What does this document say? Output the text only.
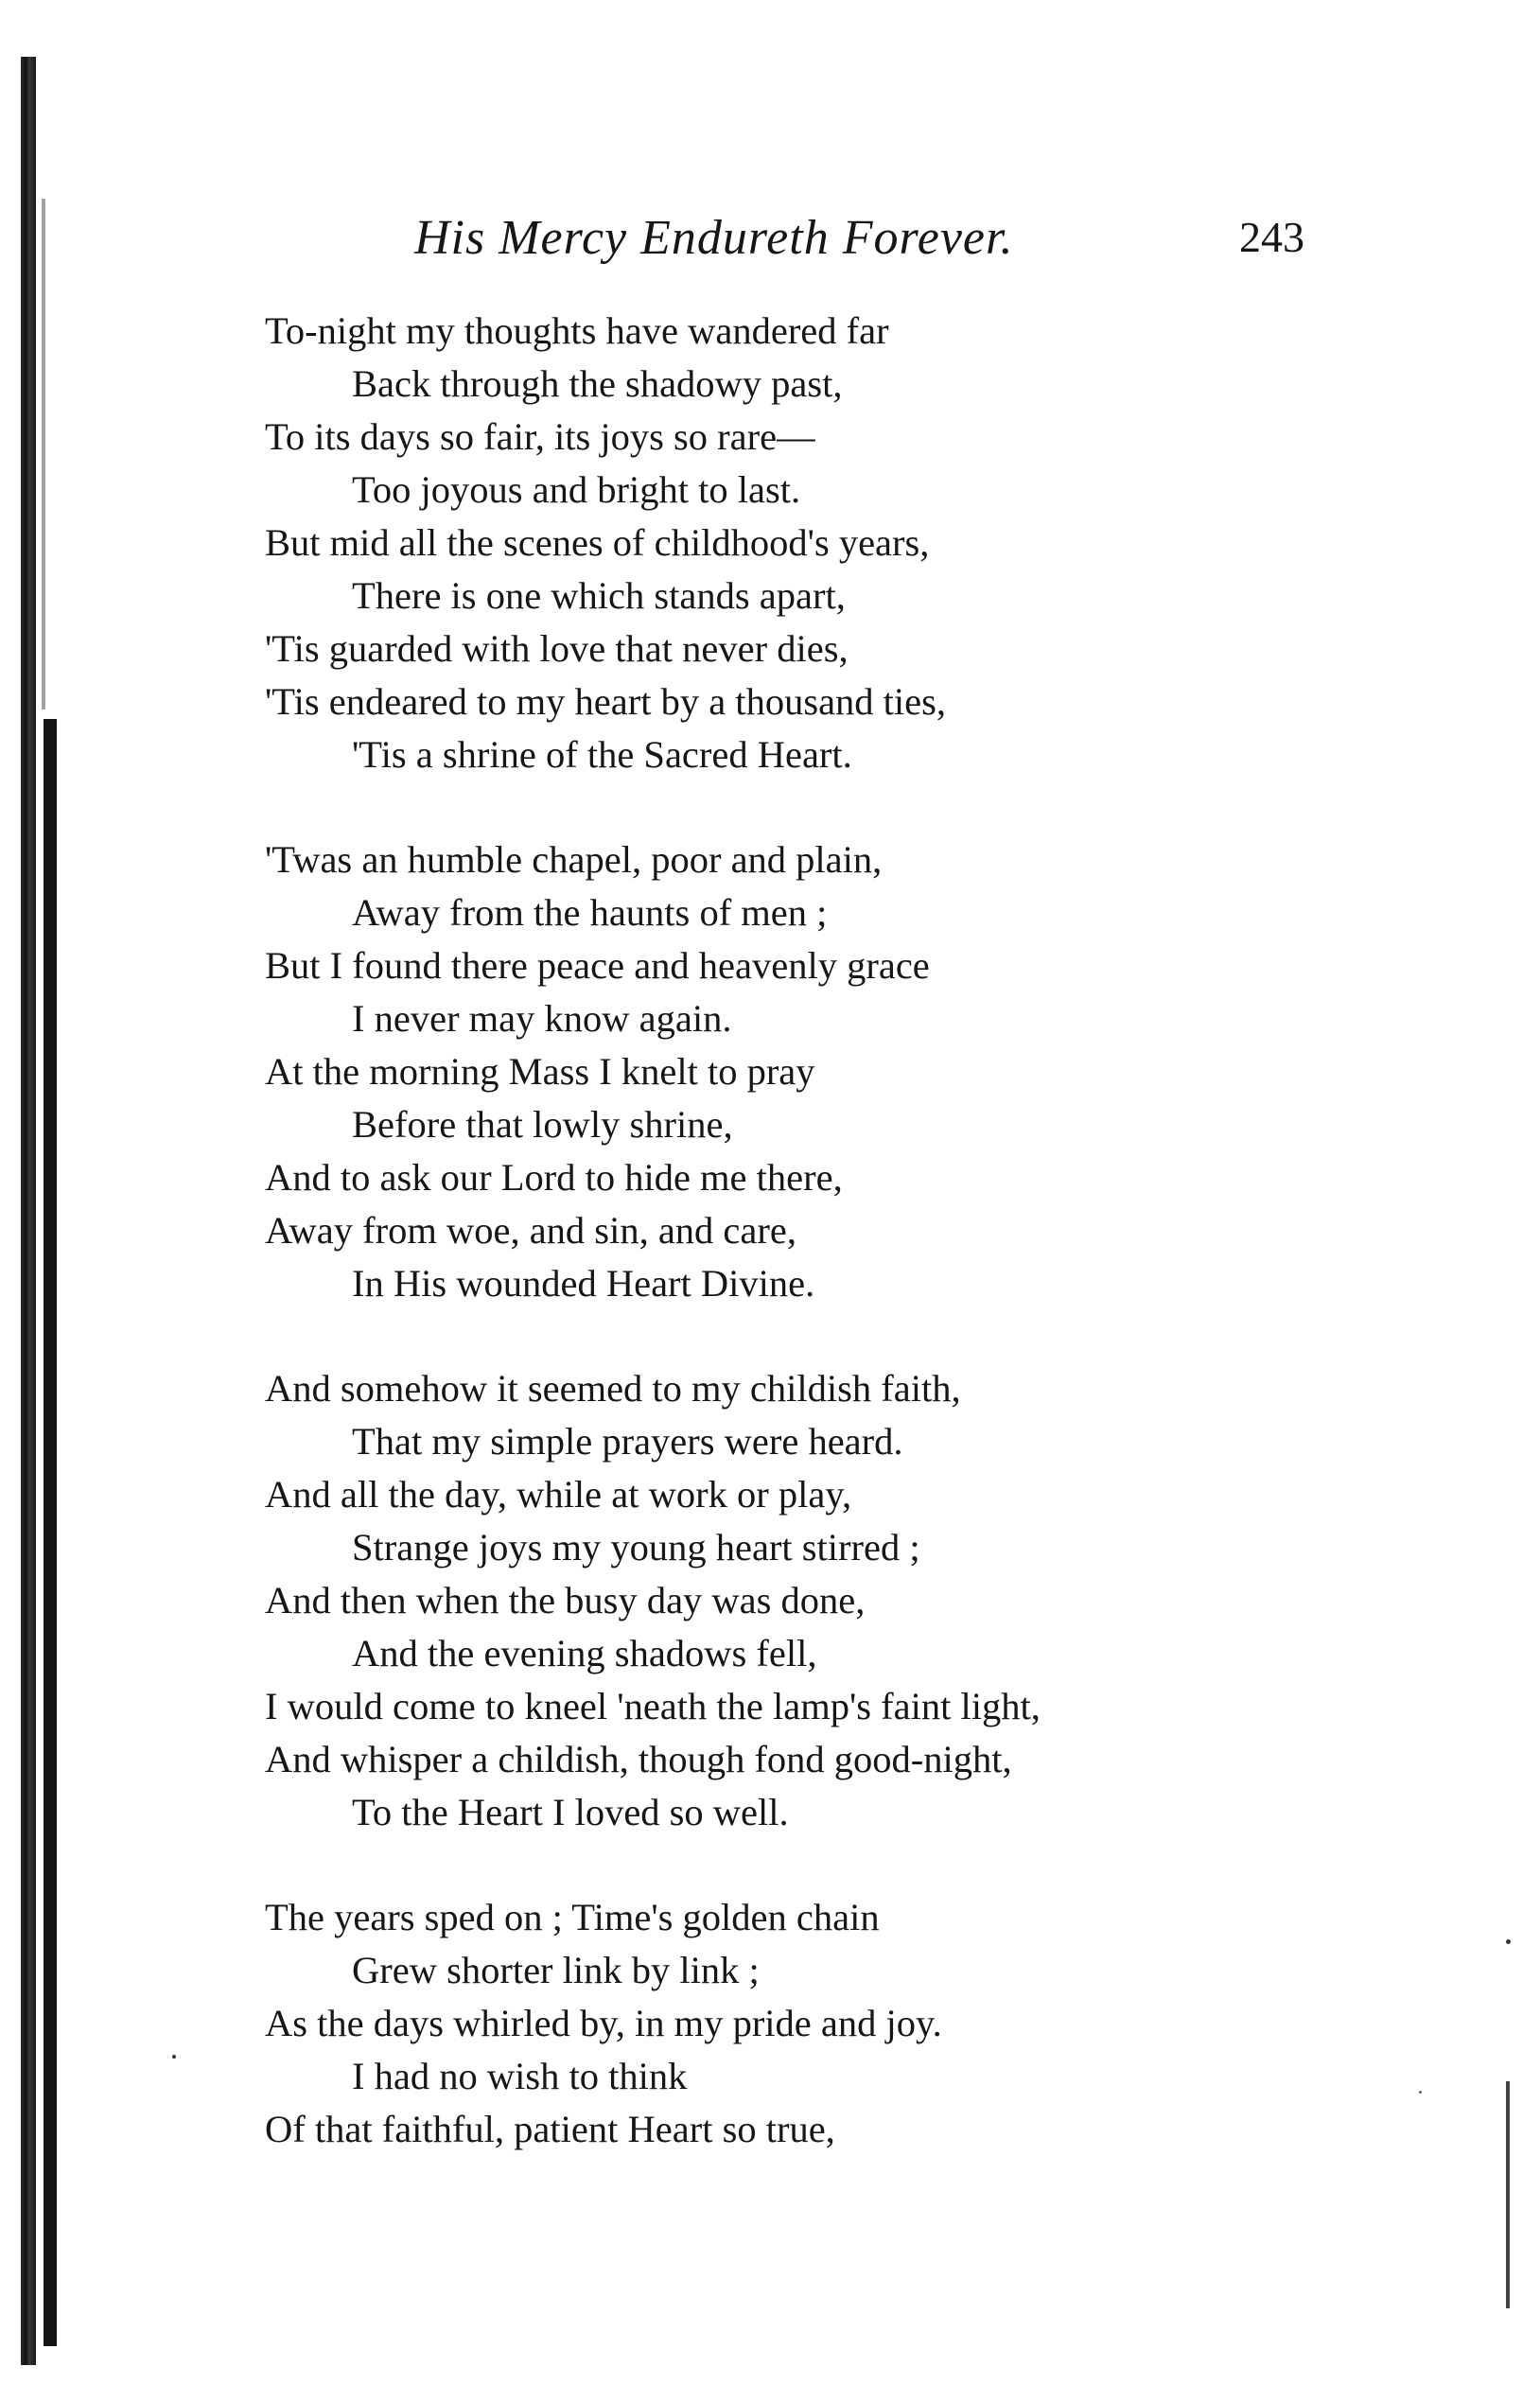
His Mercy Endureth Forever.	243
To-night my thoughts have wandered far
Back through the shadowy past,
To its days so fair, its joys so rare—
Too joyous and bright to last.
But mid all the scenes of childhood's years,
There is one which stands apart,
'Tis guarded with love that never dies,
'Tis endeared to my heart by a thousand ties,
'Tis a shrine of the Sacred Heart.
'Twas an humble chapel, poor and plain,
Away from the haunts of men ;
But I found there peace and heavenly grace
I never may know again.
At the morning Mass I knelt to pray
Before that lowly shrine,
And to ask our Lord to hide me there,
Away from woe, and sin, and care,
In His wounded Heart Divine.
And somehow it seemed to my childish faith,
That my simple prayers were heard.
And all the day, while at work or play,
Strange joys my young heart stirred ;
And then when the busy day was done,
And the evening shadows fell,
I would come to kneel 'neath the lamp's faint light,
And whisper a childish, though fond good-night,
To the Heart I loved so well.
The years sped on ; Time's golden chain
Grew shorter link by link ;
As the days whirled by, in my pride and joy.
I had no wish to think
Of that faithful, patient Heart so true,
